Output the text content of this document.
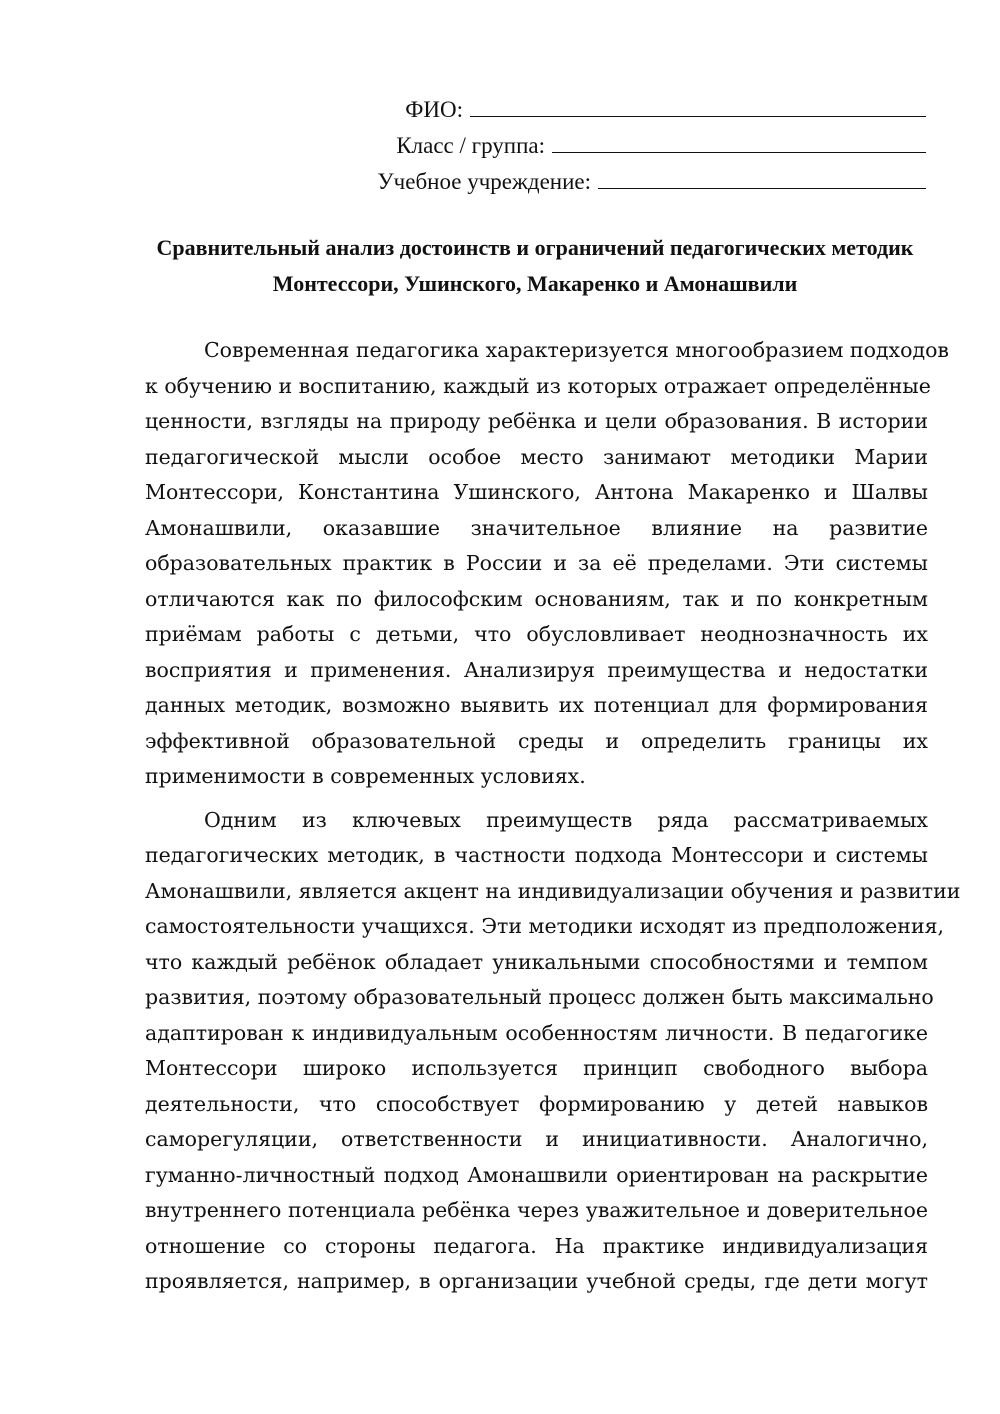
ФИО:
Класс / группа:
Учебное учреждение:
Сравнительный анализ достоинств и ограничений педагогических методик
Монтессори, Ушинского, Макаренко и Амонашвили
Современная педагогика характеризуется многообразием подходов
к обучению и воспитанию, каждый из которых отражает определённые
ценности, взгляды на природу ребёнка и цели образования. В истории
педагогической мысли особое место занимают методики Марии
Монтессори, Константина Ушинского, Антона Макаренко и Шалвы
Амонашвили, оказавшие значительное влияние на развитие
образовательных практик в России и за её пределами. Эти системы
отличаются как по философским основаниям, так и по конкретным
приёмам работы с детьми, что обусловливает неоднозначность их
восприятия и применения. Анализируя преимущества и недостатки
данных методик, возможно выявить их потенциал для формирования
эффективной образовательной среды и определить границы их
применимости в современных условиях.
Одним из ключевых преимуществ ряда рассматриваемых
педагогических методик, в частности подхода Монтессори и системы
Амонашвили, является акцент на индивидуализации обучения и развитии
самостоятельности учащихся. Эти методики исходят из предположения,
что каждый ребёнок обладает уникальными способностями и темпом
развития, поэтому образовательный процесс должен быть максимально
адаптирован к индивидуальным особенностям личности. В педагогике
Монтессори широко используется принцип свободного выбора
деятельности, что способствует формированию у детей навыков
саморегуляции, ответственности и инициативности. Аналогично,
гуманно-личностный подход Амонашвили ориентирован на раскрытие
внутреннего потенциала ребёнка через уважительное и доверительное
отношение со стороны педагога. На практике индивидуализация
проявляется, например, в организации учебной среды, где дети могут
